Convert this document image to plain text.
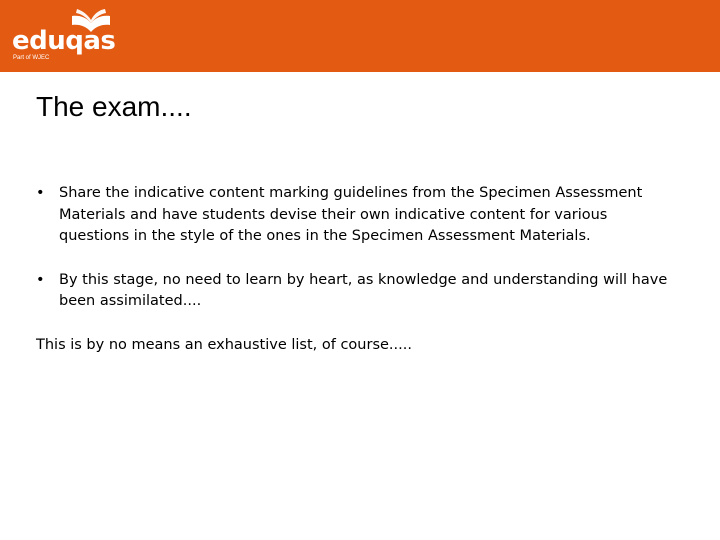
eduqas
Part of WJEC
The exam....
• Share the indicative content marking guidelines from the Specimen Assessment Materials and have students devise their own indicative content for various questions in the style of the ones in the Specimen Assessment Materials.
• By this stage, no need to learn by heart, as knowledge and understanding will have been assimilated....

This is by no means an exhaustive list, of course.....
